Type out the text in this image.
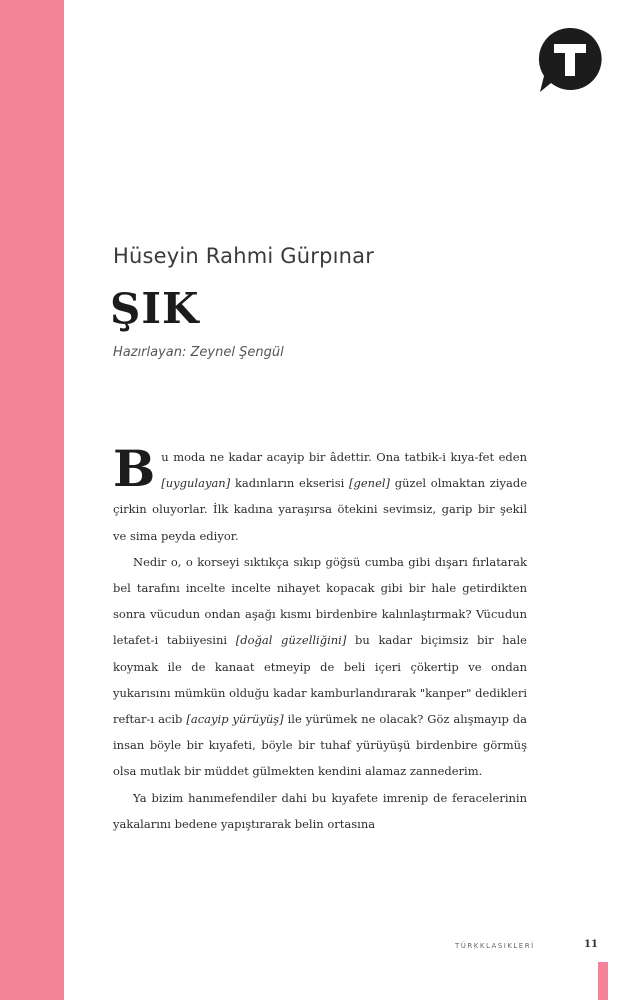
Hüseyin Rahmi Gürpınar
ŞIK
Hazırlayan: Zeynel Şengül

Bu moda ne kadar acayip bir âdettir. Ona tatbik-i kıya-fet eden [uygulayan] kadınların ekserisi [genel] güzel olmaktan ziyade çirkin oluyorlar. İlk kadına yaraşırsa ötekini sevimsiz, garip bir şekil ve sima peyda ediyor.

Nedir o, o korseyi sıktıkça sıkıp göğsü cumba gibi dışarı fırlatarak bel tarafını incelte incelte nihayet kopacak gibi bir hale getirdikten sonra vücudun ondan aşağı kısmı birdenbire kalınlaştırmak? Vücudun letafet-i tabiiyesini [doğal güzelliğini] bu kadar biçimsiz bir hale koymak ile de kanaat etmeyip de beli içeri çökertip ve ondan yukarısını mümkün olduğu kadar kamburlandırarak "kanper" dedikleri reftar-ı acib [acayip yürüyüş] ile yürümek ne olacak? Göz alışmayıp da insan böyle bir kıyafeti, böyle bir tuhaf yürüyüşü birdenbire görmüş olsa mutlak bir müddet gülmekten kendini alamaz zannederim.

Ya bizim hanımefendiler dahi bu kıyafete imrenip de feracelerinin yakalarını bedene yapıştırarak belin ortasına

TÜRKKLASIKLERİ	11
